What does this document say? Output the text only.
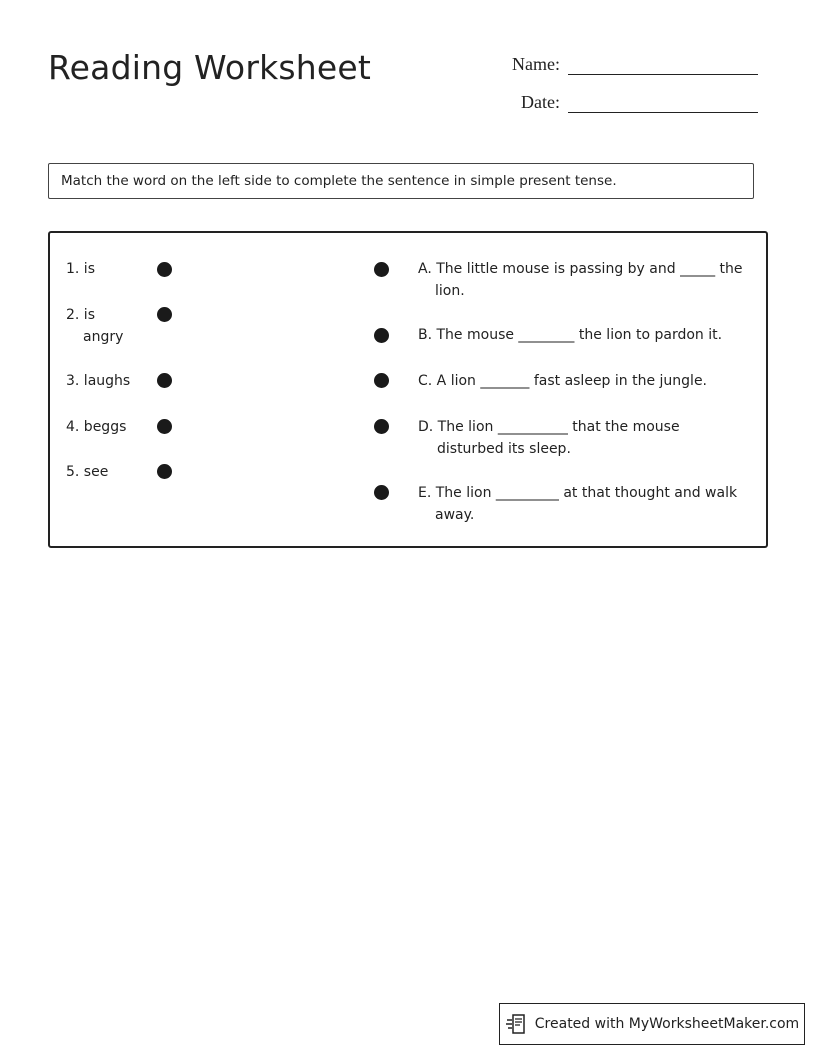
Reading Worksheet	Name:
Date:
Match the word on the left side to complete the sentence in simple present tense.
1. is
2. is
angry
3. laughs
4. beggs
5. see
A. The little mouse is passing by and _____ the
lion.
B. The mouse ________ the lion to pardon it.
C. A lion _______ fast asleep in the jungle.
D. The lion __________ that the mouse
disturbed its sleep.
E. The lion _________ at that thought and walk
away.
Created with MyWorksheetMaker.com
